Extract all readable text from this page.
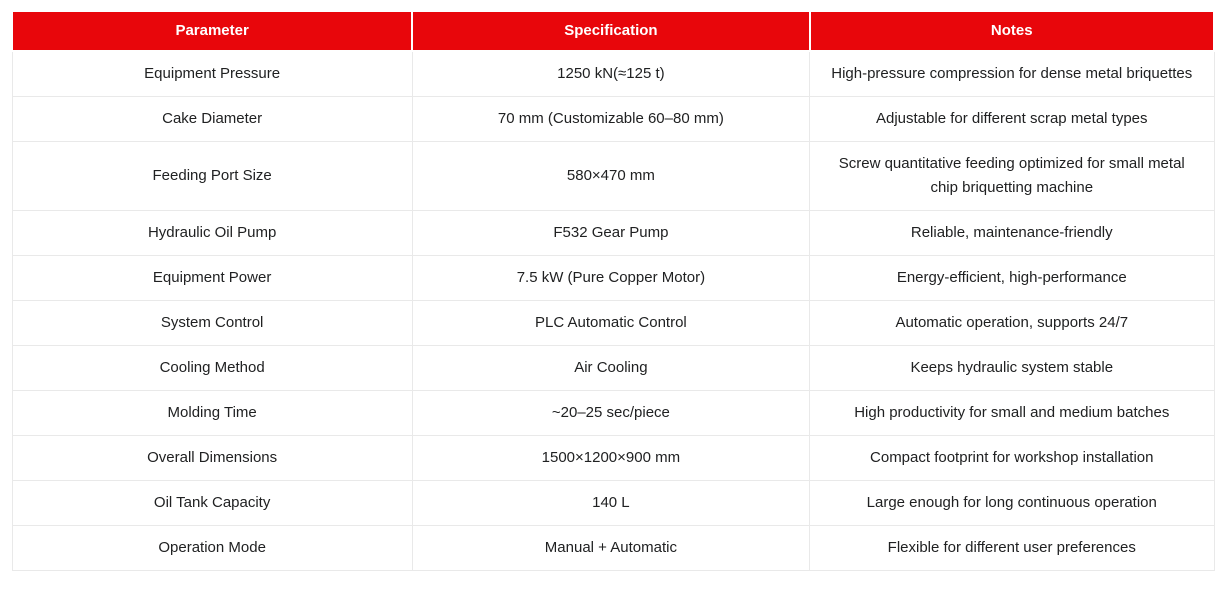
Parameter	Specification	Notes
Equipment Pressure	1250 kN(≈125 t)	High-pressure compression for dense metal briquettes
Cake Diameter	70 mm (Customizable 60–80 mm)	Adjustable for different scrap metal types
Feeding Port Size	580×470 mm	Screw quantitative feeding optimized for small metal chip briquetting machine
Hydraulic Oil Pump	F532 Gear Pump	Reliable, maintenance-friendly
Equipment Power	7.5 kW (Pure Copper Motor)	Energy-efficient, high-performance
System Control	PLC Automatic Control	Automatic operation, supports 24/7
Cooling Method	Air Cooling	Keeps hydraulic system stable
Molding Time	~20–25 sec/piece	High productivity for small and medium batches
Overall Dimensions	1500×1200×900 mm	Compact footprint for workshop installation
Oil Tank Capacity	140 L	Large enough for long continuous operation
Operation Mode	Manual + Automatic	Flexible for different user preferences
